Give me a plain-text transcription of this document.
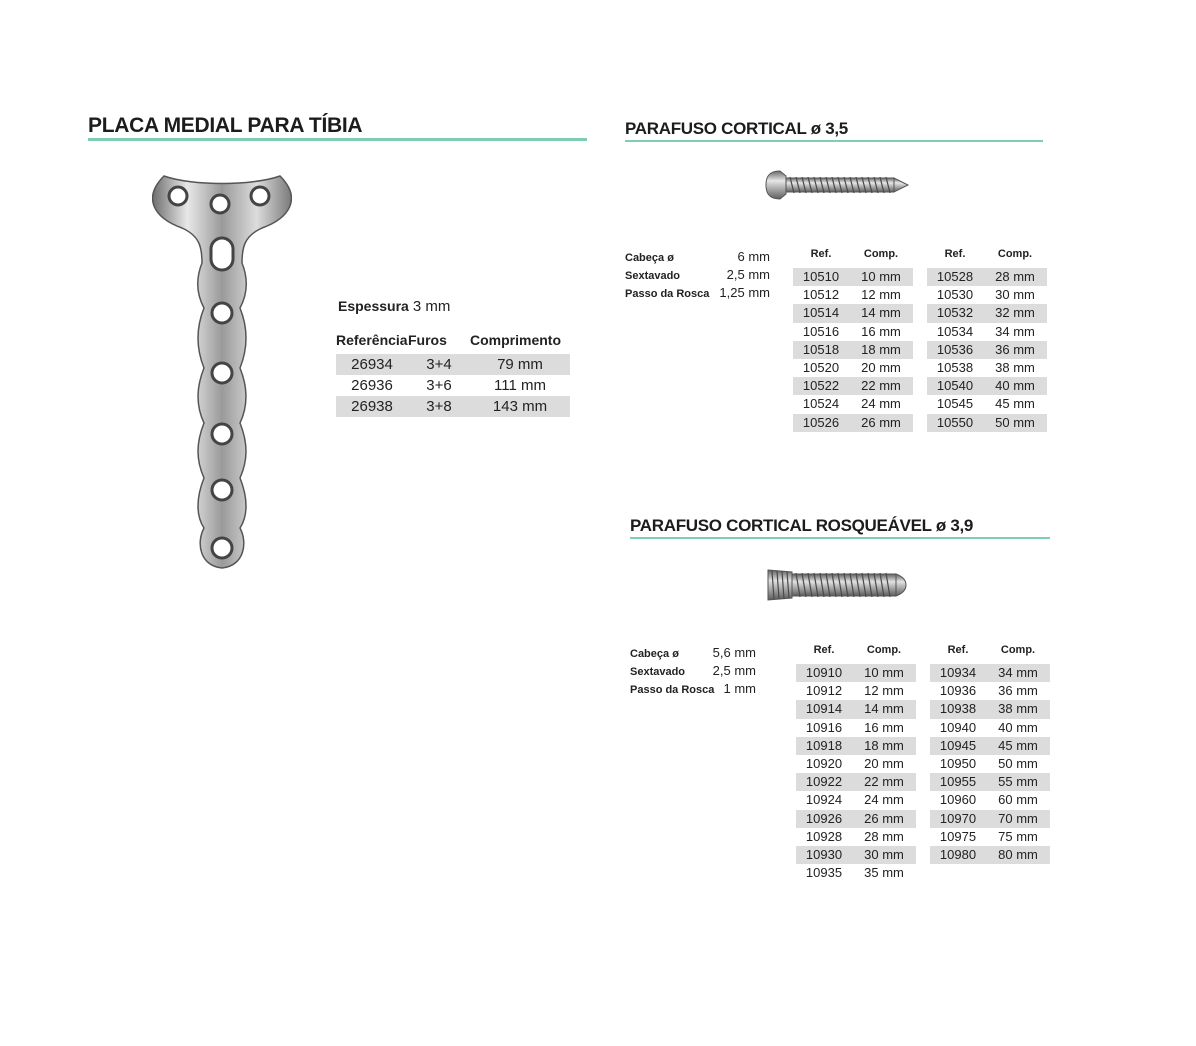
PLACA MEDIAL PARA TÍBIA
Espessura 3 mm
Referência	Furos	Comprimento
26934	3+4	79 mm
26936	3+6	111 mm
26938	3+8	143 mm
PARAFUSO CORTICAL ø 3,5
Cabeça ø	6 mm
Sextavado	2,5 mm
Passo da Rosca 1,25 mm
Ref.	Comp.
10510	10 mm
10512	12 mm
10514	14 mm
10516	16 mm
10518	18 mm
10520	20 mm
10522	22 mm
10524	24 mm
10526	26 mm
Ref.	Comp.
10528	28 mm
10530	30 mm
10532	32 mm
10534	34 mm
10536	36 mm
10538	38 mm
10540	40 mm
10545	45 mm
10550	50 mm
PARAFUSO CORTICAL ROSQUEÁVEL ø 3,9
Cabeça ø	5,6 mm
Sextavado 2,5 mm
Passo da Rosca 1 mm
Ref.	Comp.
10910	10 mm
10912	12 mm
10914	14 mm
10916	16 mm
10918	18 mm
10920	20 mm
10922	22 mm
10924	24 mm
10926	26 mm
10928	28 mm
10930	30 mm
10935	35 mm
Ref.	Comp.
10934	34 mm
10936	36 mm
10938	38 mm
10940	40 mm
10945	45 mm
10950	50 mm
10955	55 mm
10960	60 mm
10970	70 mm
10975	75 mm
10980	80 mm
